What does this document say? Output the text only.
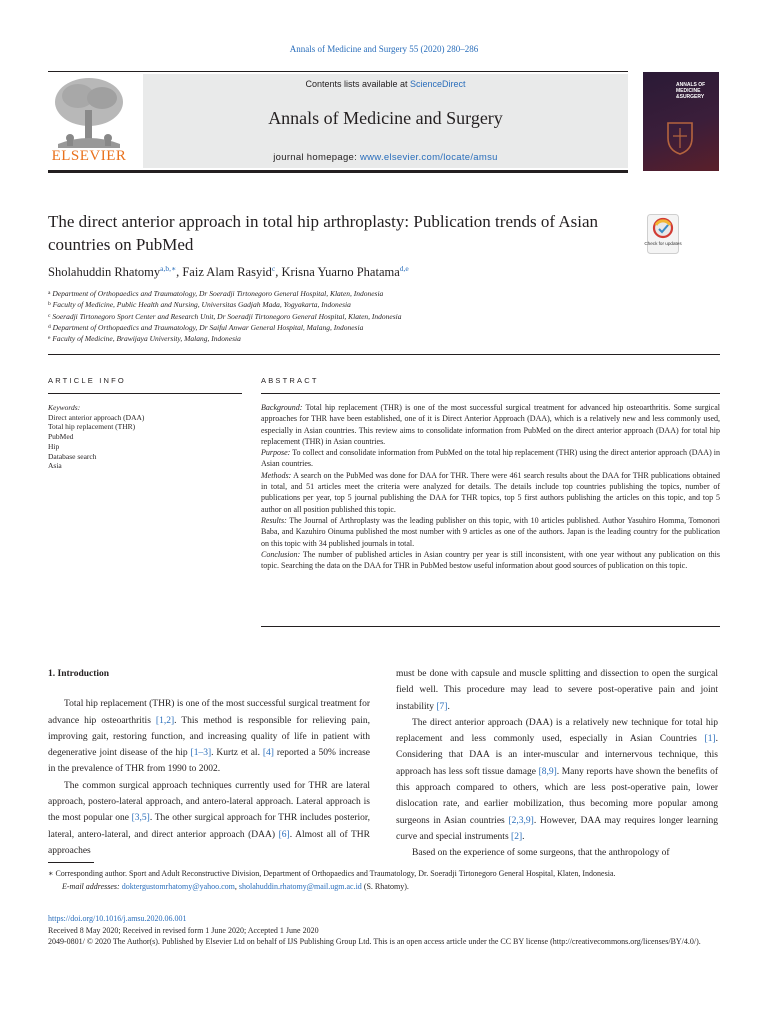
Annals of Medicine and Surgery 55 (2020) 280–286
ELSEVIER
Contents lists available at ScienceDirect
Annals of Medicine and Surgery
journal homepage: www.elsevier.com/locate/amsu
ANNALS OF
MEDICINE
&SURGERY
The direct anterior approach in total hip arthroplasty: Publication trends of Asian countries on PubMed	Check for updates
Sholahuddin Rhatomy$^{a,b,∗}$, Faiz Alam Rasyid$^c$, Krisna Yuarno Phatama$^{d,e}$
$^a$ Department of Orthopaedics and Traumatology, Dr Soeradji Tirtonegoro General Hospital, Klaten, Indonesia
$^b$ Faculty of Medicine, Public Health and Nursing, Universitas Gadjah Mada, Yogyakarta, Indonesia
$^c$ Soeradji Tirtonegoro Sport Center and Research Unit, Dr Soeradji Tirtonegoro General Hospital, Klaten, Indonesia
$^d$ Department of Orthopaedics and Traumatology, Dr Saiful Anwar General Hospital, Malang, Indonesia
$^e$ Faculty of Medicine, Brawijaya University, Malang, Indonesia
ARTICLE INFO
Keywords:
Direct anterior approach (DAA)
Total hip replacement (THR)
PubMed
Hip
Database search
Asia
ABSTRACT
Background: Total hip replacement (THR) is one of the most successful surgical treatment for advanced hip osteoarthritis. Some surgical approaches for THR have been established, one of it is Direct Anterior Approach (DAA), which is a relatively new and less commonly used, especially in Asian countries. This review aims to consolidate information from PubMed on the direct anterior approach (DAA) for total hip replacement (THR) in Asian countries.
Purpose: To collect and consolidate information from PubMed on the total hip replacement (THR) using the direct anterior approach (DAA) in Asian countries.
Methods: A search on the PubMed was done for DAA for THR. There were 461 search results about the DAA for THR publications obtained in total, and 51 articles meet the criteria were analyzed for details. The details include top countries publishing the topics, number of publications per year, top 5 journal publishing the DAA for THR topics, top 5 first authors publishing the articles on this topic, and top 5 author on all position published this topic.
Results: The Journal of Arthroplasty was the leading publisher on this topic, with 10 articles published. Author Yasuhiro Homma, Tomonori Baba, and Kazuhiro Oinuma published the most number with 9 articles as one of the authors. Japan is the leading country for the publication on this topic with 34 published journals in total.
Conclusion: The number of published articles in Asian country per year is still inconsistent, with one year without any publication on this topic. Searching the data on the DAA for THR in PubMed bestow useful information about good sources of publication on this topic.
1. Introduction

Total hip replacement (THR) is one of the most successful surgical treatment for advance hip osteoarthritis [1,2]. This method is responsible for relieving pain, improving gait, restoring function, and increasing quality of life in patient with degenerative joint disease of the hip [1–3]. Kurtz et al. [4] reported a 50% increase in the prevalence of THR from 1990 to 2002.

The common surgical approach techniques currently used for THR are lateral approach, postero-lateral approach, and antero-lateral approach. Lateral approach is the most popular one [3,5]. The other surgical approach for THR includes posterior, lateral, antero-lateral, and direct anterior approach (DAA) [6]. Almost all of THR approaches

must be done with capsule and muscle splitting and dissection to open the surgical field well. This procedure may lead to severe post-operative pain and joint instability [7].

The direct anterior approach (DAA) is a relatively new technique for total hip replacement and less commonly used, especially in Asian Countries [1]. Considering that DAA is an inter-muscular and internervous technique, this approach has less soft tissue damage [8,9]. Many reports have shown the benefits of this approach compared to others, which are less post-operative pain, lower dislocation rate, and earlier mobilization, thus becoming more popular among surgeons in Asian countries [2,3,9]. However, DAA may requires longer learning curve and special instruments [2].

Based on the experience of some surgeons, that the anthropology of

∗ Corresponding author. Sport and Adult Reconstructive Division, Department of Orthopaedics and Traumatology, Dr. Soeradji Tirtonegoro General Hospital, Klaten, Indonesia.

E-mail addresses: doktergustomrhatomy@yahoo.com, sholahuddin.rhatomy@mail.ugm.ac.id (S. Rhatomy).

https://doi.org/10.1016/j.amsu.2020.06.001

Received 8 May 2020; Received in revised form 1 June 2020; Accepted 1 June 2020

2049-0801/ © 2020 The Author(s). Published by Elsevier Ltd on behalf of IJS Publishing Group Ltd. This is an open access article under the CC BY license (http://creativecommons.org/licenses/BY/4.0/).
